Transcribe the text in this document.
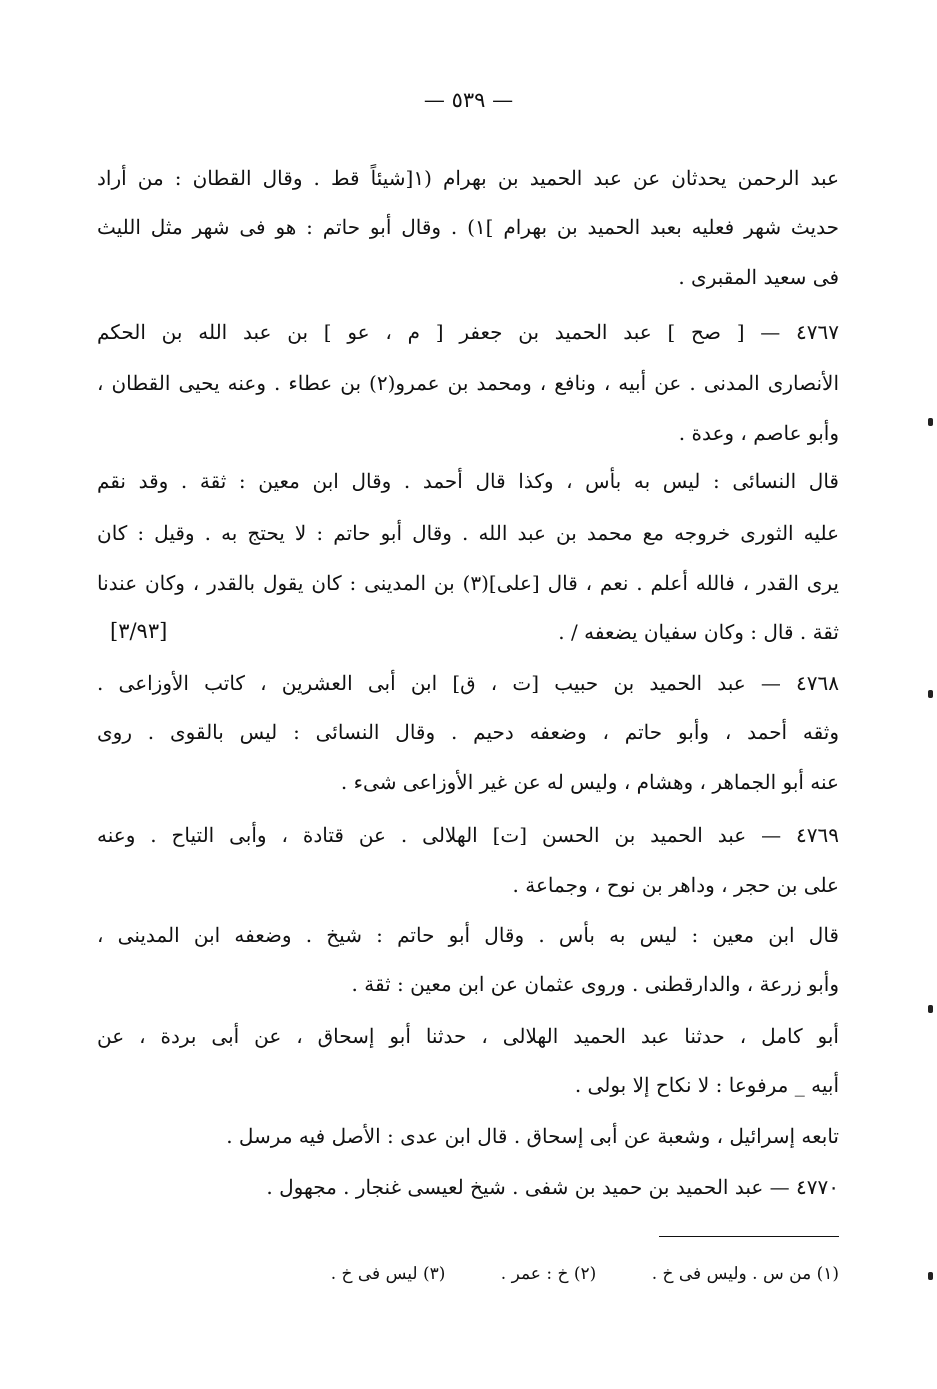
— ٥٣٩ —
عبد الرحمن يحدثان عن عبد الحميد بن بهرام (١[شيئاً قط . وقال القطان : من أراد
حديث شهر فعليه بعبد الحميد بن بهرام ]١) . وقال أبو حاتم : هو فى شهر مثل الليث
فى سعيد المقبرى .
٤٧٦٧ — [ صح ] عبد الحميد بن جعفر [ م ، عو ] بن عبد الله بن الحكم
الأنصارى المدنى . عن أبيه ، ونافع ، ومحمد بن عمرو(٢) بن عطاء . وعنه يحيى القطان ،
وأبو عاصم ، وعدة .
قال النسائى : ليس به بأس ، وكذا قال أحمد . وقال ابن معين : ثقة . وقد نقم
عليه الثورى خروجه مع محمد بن عبد الله . وقال أبو حاتم : لا يحتج به . وقيل : كان
يرى القدر ، فالله أعلم . نعم ، قال [على](٣) بن المدينى : كان يقول بالقدر ، وكان عندنا
ثقة . قال : وكان سفيان يضعفه / .
٤٧٦٨ — عبد الحميد بن حبيب [ت ، ق] ابن أبى العشرين ، كاتب الأوزاعى .
وثقه أحمد ، وأبو حاتم ، وضعفه دحيم . وقال النسائى : ليس بالقوى . روى
عنه أبو الجماهر ، وهشام ، وليس له عن غير الأوزاعى شىء .
٤٧٦٩ — عبد الحميد بن الحسن [ت] الهلالى . عن قتادة ، وأبى التياح . وعنه
على بن حجر ، وداهر بن نوح ، وجماعة .
قال ابن معين : ليس به بأس . وقال أبو حاتم : شيخ . وضعفه ابن المدينى ،
وأبو زرعة ، والدارقطنى . وروى عثمان عن ابن معين : ثقة .
أبو كامل ، حدثنا عبد الحميد الهلالى ، حدثنا أبو إسحاق ، عن أبى بردة ، عن
أبيه _ مرفوعا : لا نكاح إلا بولى .
تابعه إسرائيل ، وشعبة عن أبى إسحاق . قال ابن عدى : الأصل فيه مرسل .
٤٧٧٠ — عبد الحميد بن حميد بن شفى . شيخ لعيسى غنجار . مجهول .
[٣/٩٣]
(١) من س . وليس فى خ . (٢) خ : عمر . (٣) ليس فى خ .
